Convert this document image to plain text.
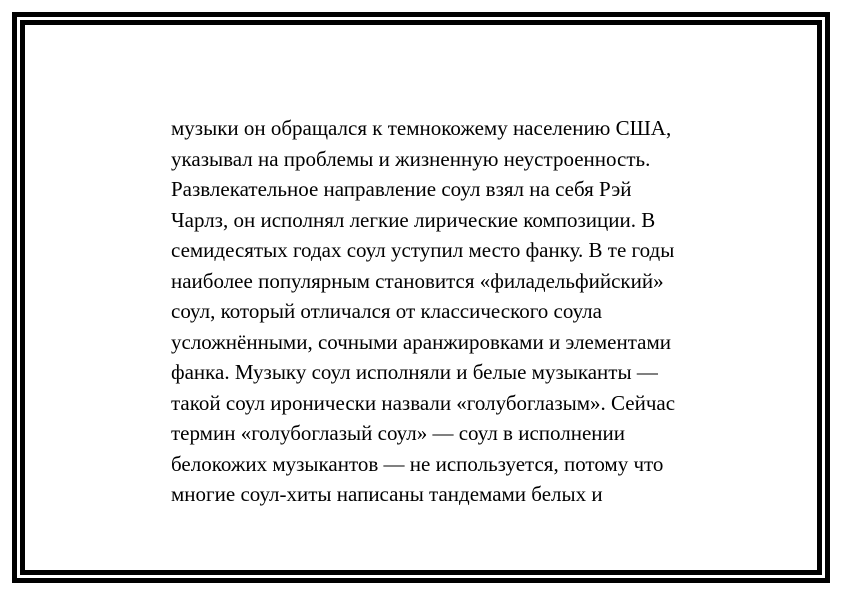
музыки он обращался к темнокожему населению США,
указывал на проблемы и жизненную неустроенность.
Развлекательное направление соул взял на себя Рэй
Чарлз, он исполнял легкие лирические композиции. В
семидесятых годах соул уступил место фанку. В те годы
наиболее популярным становится «филадельфийский»
соул, который отличался от классического соула
усложнёнными, сочными аранжировками и элементами
фанка. Музыку соул исполняли и белые музыканты —
такой соул иронически назвали «голубоглазым». Сейчас
термин «голубоглазый соул» — соул в исполнении
белокожих музыкантов — не используется, потому что
многие соул-хиты написаны тандемами белых и
